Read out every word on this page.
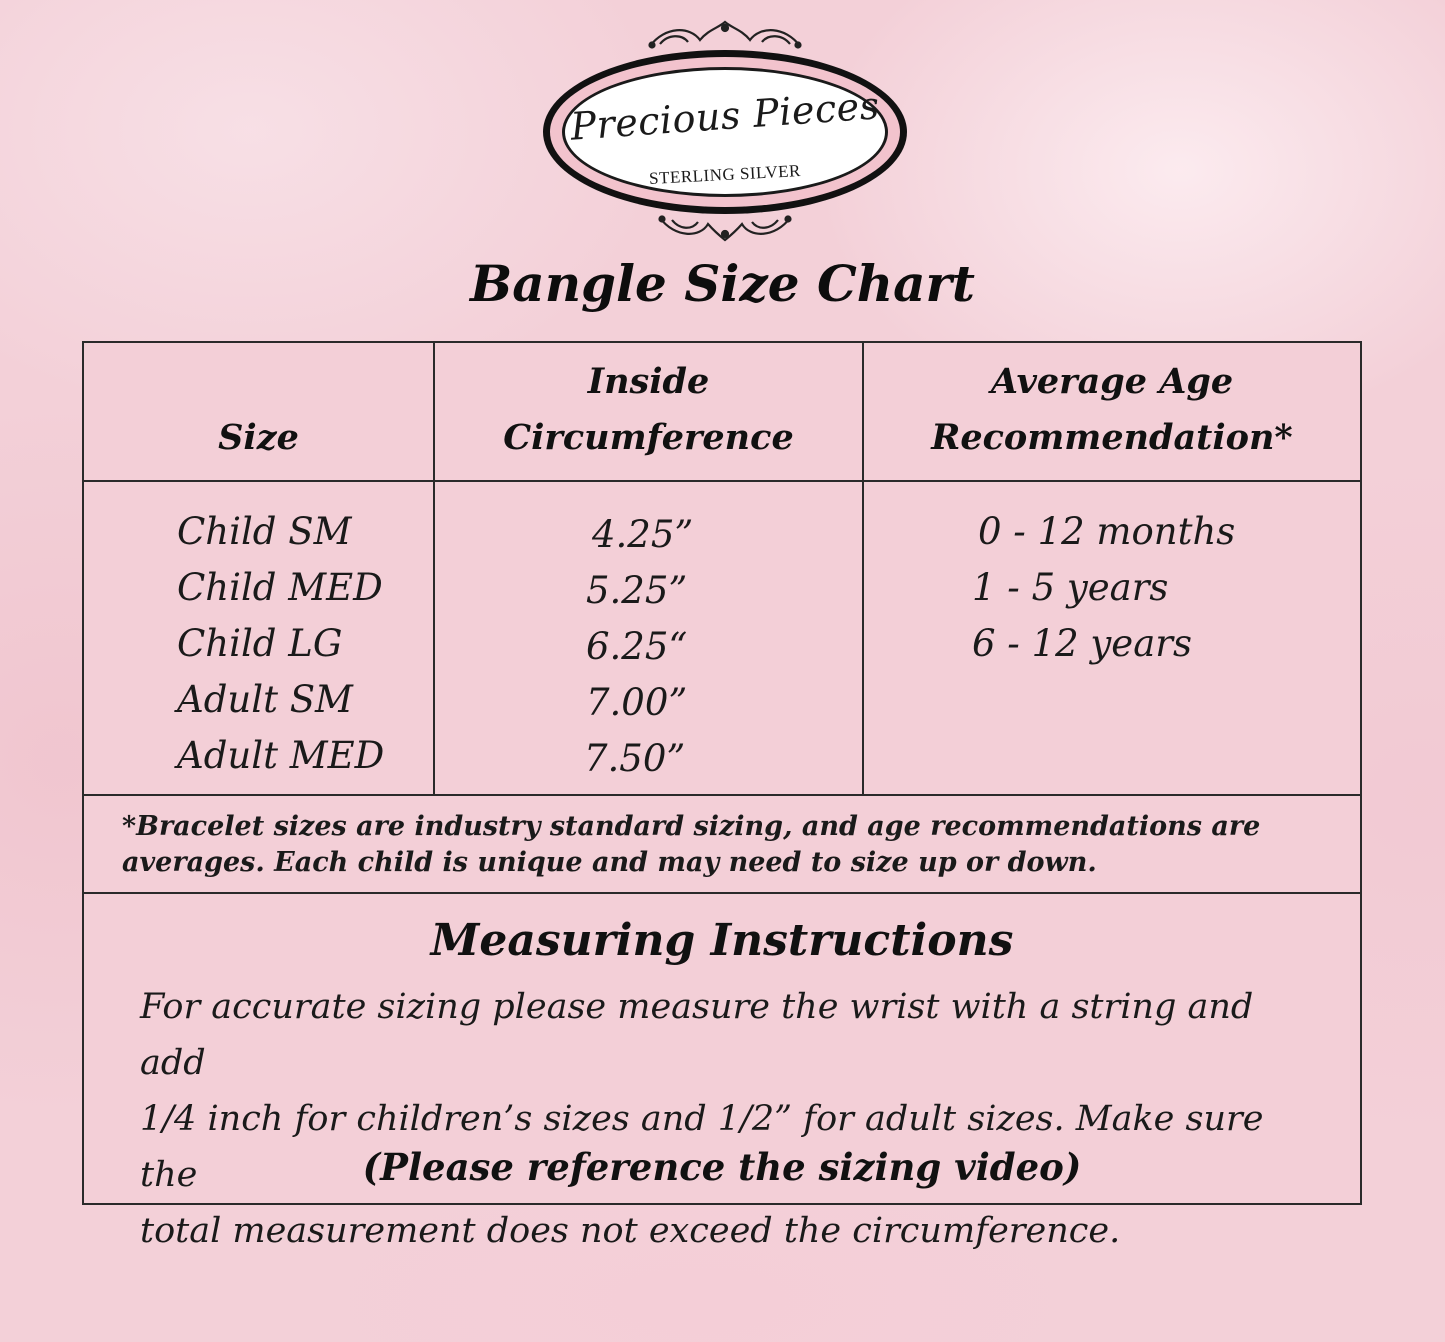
Precious Pieces
STERLING SILVER
Bangle Size Chart
Size
Inside
Circumference
Average Age
Recommendation*
Child SM
Child MED
Child LG
Adult SM
Adult MED
4.25”
5.25”
6.25“
7.00”
7.50”
0 - 12 months
1 - 5 years
6 - 12 years
*Bracelet sizes are industry standard sizing, and age recommendations are
averages. Each child is unique and may need to size up or down.
Measuring Instructions
For accurate sizing please measure the wrist with a string and add
1/4 inch for children’s sizes and 1/2” for adult sizes. Make sure the
total measurement does not exceed the circumference.
(Please reference the sizing video)
